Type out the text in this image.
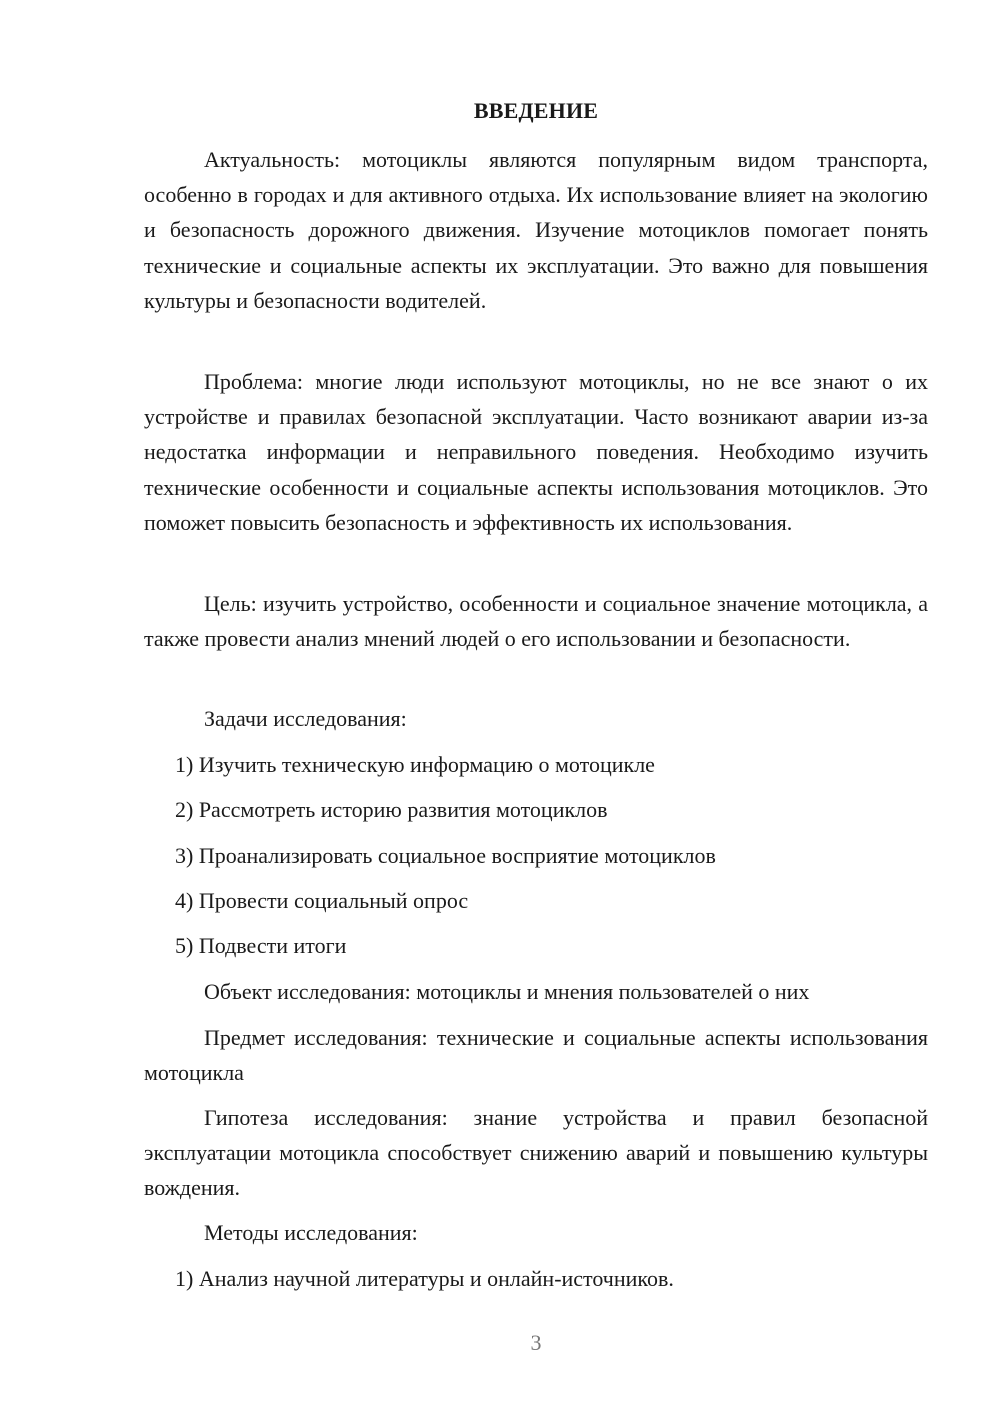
ВВЕДЕНИЕ

Актуальность: мотоциклы являются популярным видом транспорта, особенно в городах и для активного отдыха. Их использование влияет на экологию и безопасность дорожного движения. Изучение мотоциклов помогает понять технические и социальные аспекты их эксплуатации. Это важно для повышения культуры и безопасности водителей.

Проблема: многие люди используют мотоциклы, но не все знают о их устройстве и правилах безопасной эксплуатации. Часто возникают аварии из-за недостатка информации и неправильного поведения. Необходимо изучить технические особенности и социальные аспекты использования мотоциклов. Это поможет повысить безопасность и эффективность их использования.

Цель: изучить устройство, особенности и социальное значение мотоцикла, а также провести анализ мнений людей о его использовании и безопасности.

Задачи исследования:
1) Изучить техническую информацию о мотоцикле
2) Рассмотреть историю развития мотоциклов
3) Проанализировать социальное восприятие мотоциклов
4) Провести социальный опрос
5) Подвести итоги
Объект исследования: мотоциклы и мнения пользователей о них

Предмет исследования: технические и социальные аспекты использования мотоцикла

Гипотеза исследования: знание устройства и правил безопасной эксплуатации мотоцикла способствует снижению аварий и повышению культуры вождения.

Методы исследования:
1) Анализ научной литературы и онлайн-источников.
3
